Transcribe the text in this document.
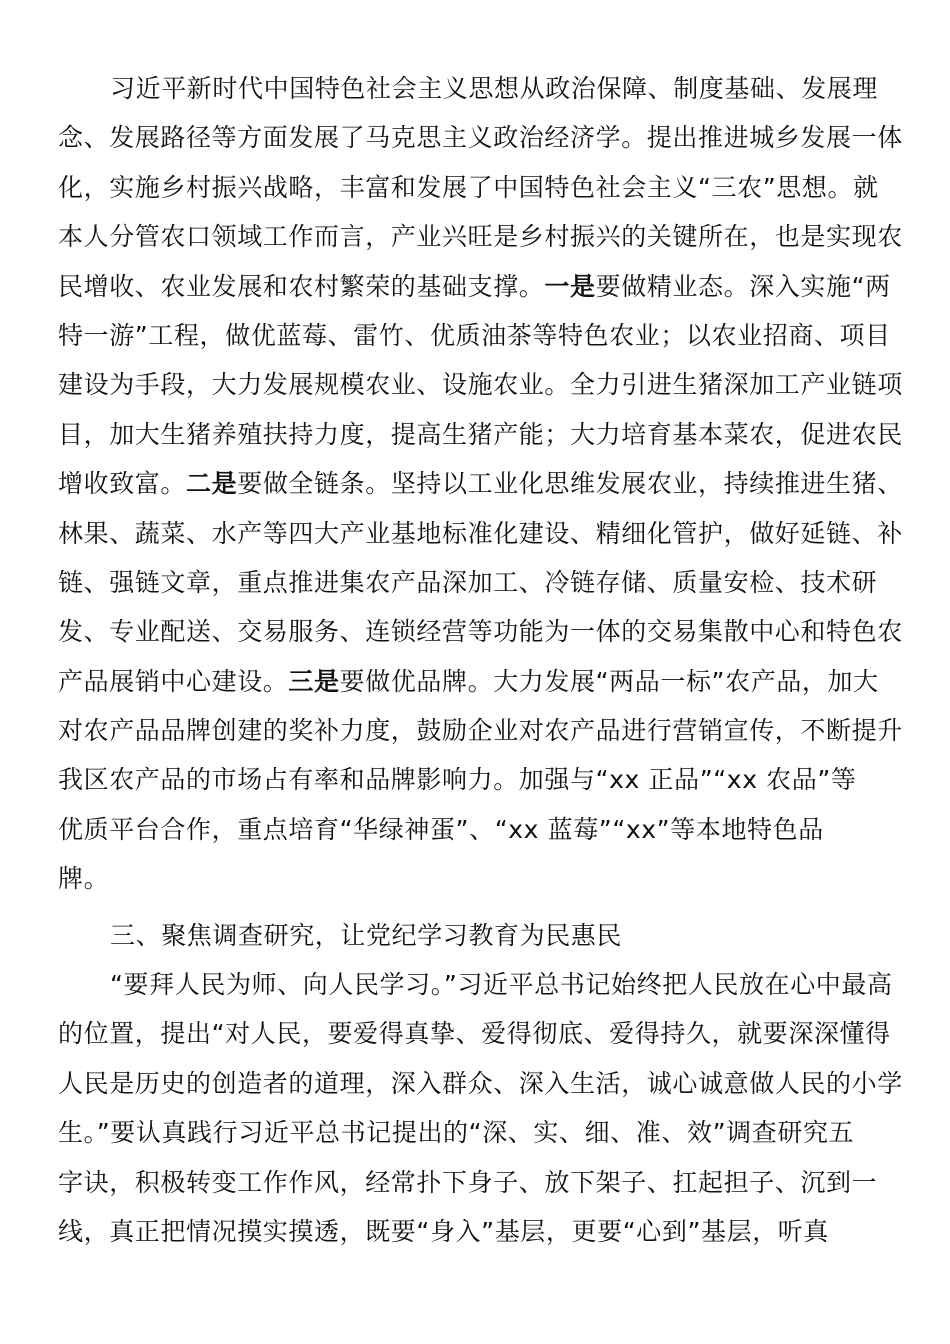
习近平新时代中国特色社会主义思想从政治保障、制度基础、发展理
念、发展路径等方面发展了马克思主义政治经济学。提出推进城乡发展一体
化，实施乡村振兴战略，丰富和发展了中国特色社会主义“三农”思想。就
本人分管农口领域工作而言，产业兴旺是乡村振兴的关键所在，也是实现农
民增收、农业发展和农村繁荣的基础支撑。一是要做精业态。深入实施“两
特一游”工程，做优蓝莓、雷竹、优质油茶等特色农业；以农业招商、项目
建设为手段，大力发展规模农业、设施农业。全力引进生猪深加工产业链项
目，加大生猪养殖扶持力度，提高生猪产能；大力培育基本菜农，促进农民
增收致富。二是要做全链条。坚持以工业化思维发展农业，持续推进生猪、
林果、蔬菜、水产等四大产业基地标准化建设、精细化管护，做好延链、补
链、强链文章，重点推进集农产品深加工、冷链存储、质量安检、技术研
发、专业配送、交易服务、连锁经营等功能为一体的交易集散中心和特色农
产品展销中心建设。三是要做优品牌。大力发展“两品一标”农产品，加大
对农产品品牌创建的奖补力度，鼓励企业对农产品进行营销宣传，不断提升
我区农产品的市场占有率和品牌影响力。加强与“xx 正品”“xx 农品”等
优质平台合作，重点培育“华绿神蛋”、“xx 蓝莓”“xx”等本地特色品
牌。
三、聚焦调查研究，让党纪学习教育为民惠民
“要拜人民为师、向人民学习。”习近平总书记始终把人民放在心中最高
的位置，提出“对人民，要爱得真挚、爱得彻底、爱得持久，就要深深懂得
人民是历史的创造者的道理，深入群众、深入生活，诚心诚意做人民的小学
生。”要认真践行习近平总书记提出的“深、实、细、准、效”调查研究五
字诀，积极转变工作作风，经常扑下身子、放下架子、扛起担子、沉到一
线，真正把情况摸实摸透，既要“身入”基层，更要“心到”基层，听真
